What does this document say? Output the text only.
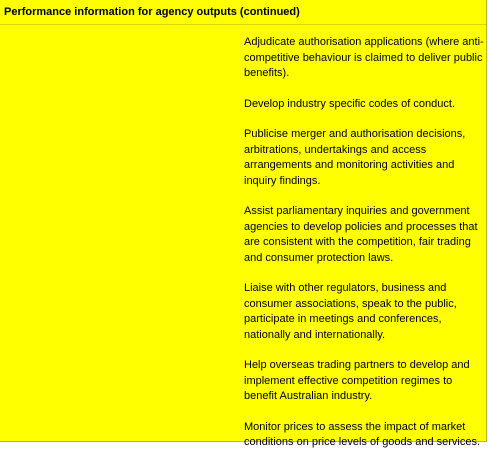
Performance information for agency outputs (continued)

Adjudicate authorisation applications (where anti-competitive behaviour is claimed to deliver public benefits).

Develop industry specific codes of conduct.

Publicise merger and authorisation decisions, arbitrations, undertakings and access arrangements and monitoring activities and inquiry findings.

Assist parliamentary inquiries and government agencies to develop policies and processes that are consistent with the competition, fair trading and consumer protection laws.

Liaise with other regulators, business and consumer associations, speak to the public, participate in meetings and conferences, nationally and internationally.

Help overseas trading partners to develop and implement effective competition regimes to benefit Australian industry.

Monitor prices to assess the impact of market conditions on price levels of goods and services.
